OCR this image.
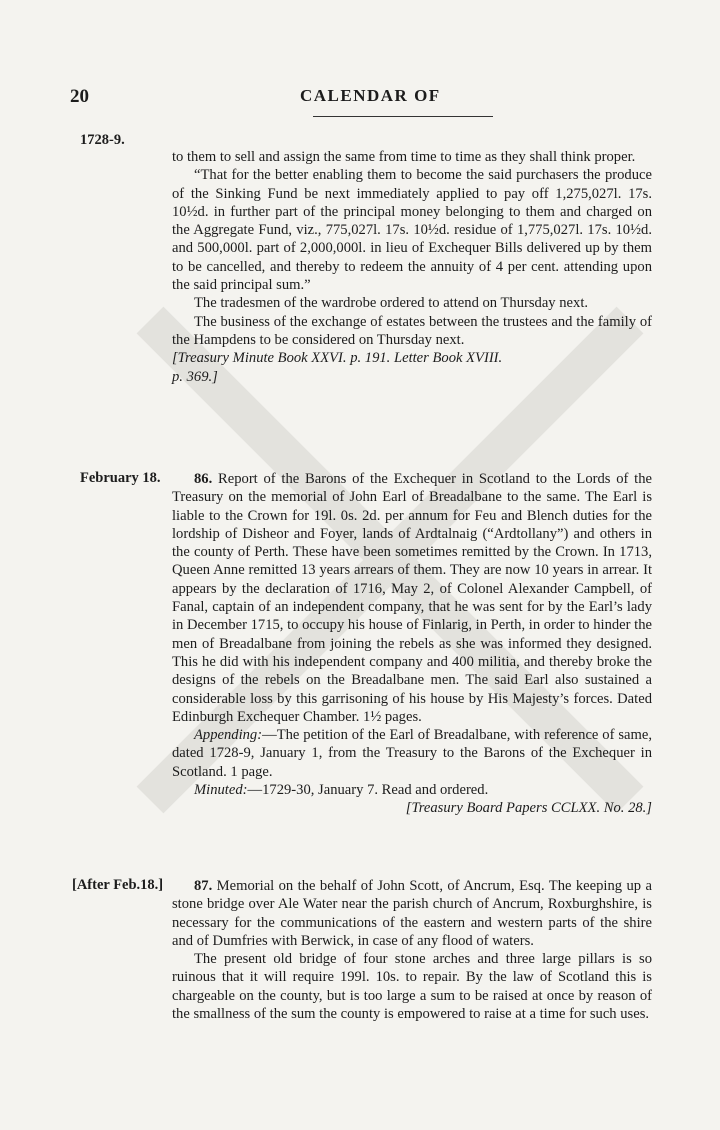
20	CALENDAR OF
1728-9.

to them to sell and assign the same from time to time as they shall think proper.

“That for the better enabling them to become the said purchasers the produce of the Sinking Fund be next immediately applied to pay off 1,275,027l. 17s. 10½d. in further part of the principal money belonging to them and charged on the Aggregate Fund, viz., 775,027l. 17s. 10½d. residue of 1,775,027l. 17s. 10½d. and 500,000l. part of 2,000,000l. in lieu of Exchequer Bills delivered up by them to be cancelled, and thereby to redeem the annuity of 4 per cent. attending upon the said principal sum.”

The tradesmen of the wardrobe ordered to attend on Thursday next.

The business of the exchange of estates between the trustees and the family of the Hampdens to be considered on Thursday next.

[Treasury Minute Book XXVI. p. 191. Letter Book XVIII.
p. 369.]

February 18.	86. Report of the Barons of the Exchequer in Scotland to the Lords of the Treasury on the memorial of John Earl of Breadalbane to the same. The Earl is liable to the Crown for 19l. 0s. 2d. per annum for Feu and Blench duties for the lordship of Disheor and Foyer, lands of Ardtalnaig (“Ardtollany”) and others in the county of Perth. These have been sometimes remitted by the Crown. In 1713, Queen Anne remitted 13 years arrears of them. They are now 10 years in arrear. It appears by the declaration of 1716, May 2, of Colonel Alexander Campbell, of Fanal, captain of an independent company, that he was sent for by the Earl’s lady in December 1715, to occupy his house of Finlarig, in Perth, in order to hinder the men of Breadalbane from joining the rebels as she was informed they designed. This he did with his independent company and 400 militia, and thereby broke the designs of the rebels on the Breadalbane men. The said Earl also sustained a considerable loss by this garrisoning of his house by His Majesty’s forces. Dated Edinburgh Exchequer Chamber. 1½ pages.

Appending:—The petition of the Earl of Breadalbane, with reference of same, dated 1728-9, January 1, from the Treasury to the Barons of the Exchequer in Scotland. 1 page.

Minuted:—1729-30, January 7. Read and ordered.

[Treasury Board Papers CCLXX. No. 28.]

[After Feb.18.]	87. Memorial on the behalf of John Scott, of Ancrum, Esq. The keeping up a stone bridge over Ale Water near the parish church of Ancrum, Roxburghshire, is necessary for the communications of the eastern and western parts of the shire and of Dumfries with Berwick, in case of any flood of waters.

The present old bridge of four stone arches and three large pillars is so ruinous that it will require 199l. 10s. to repair. By the law of Scotland this is chargeable on the county, but is too large a sum to be raised at once by reason of the smallness of the sum the county is empowered to raise at a time for such uses.
